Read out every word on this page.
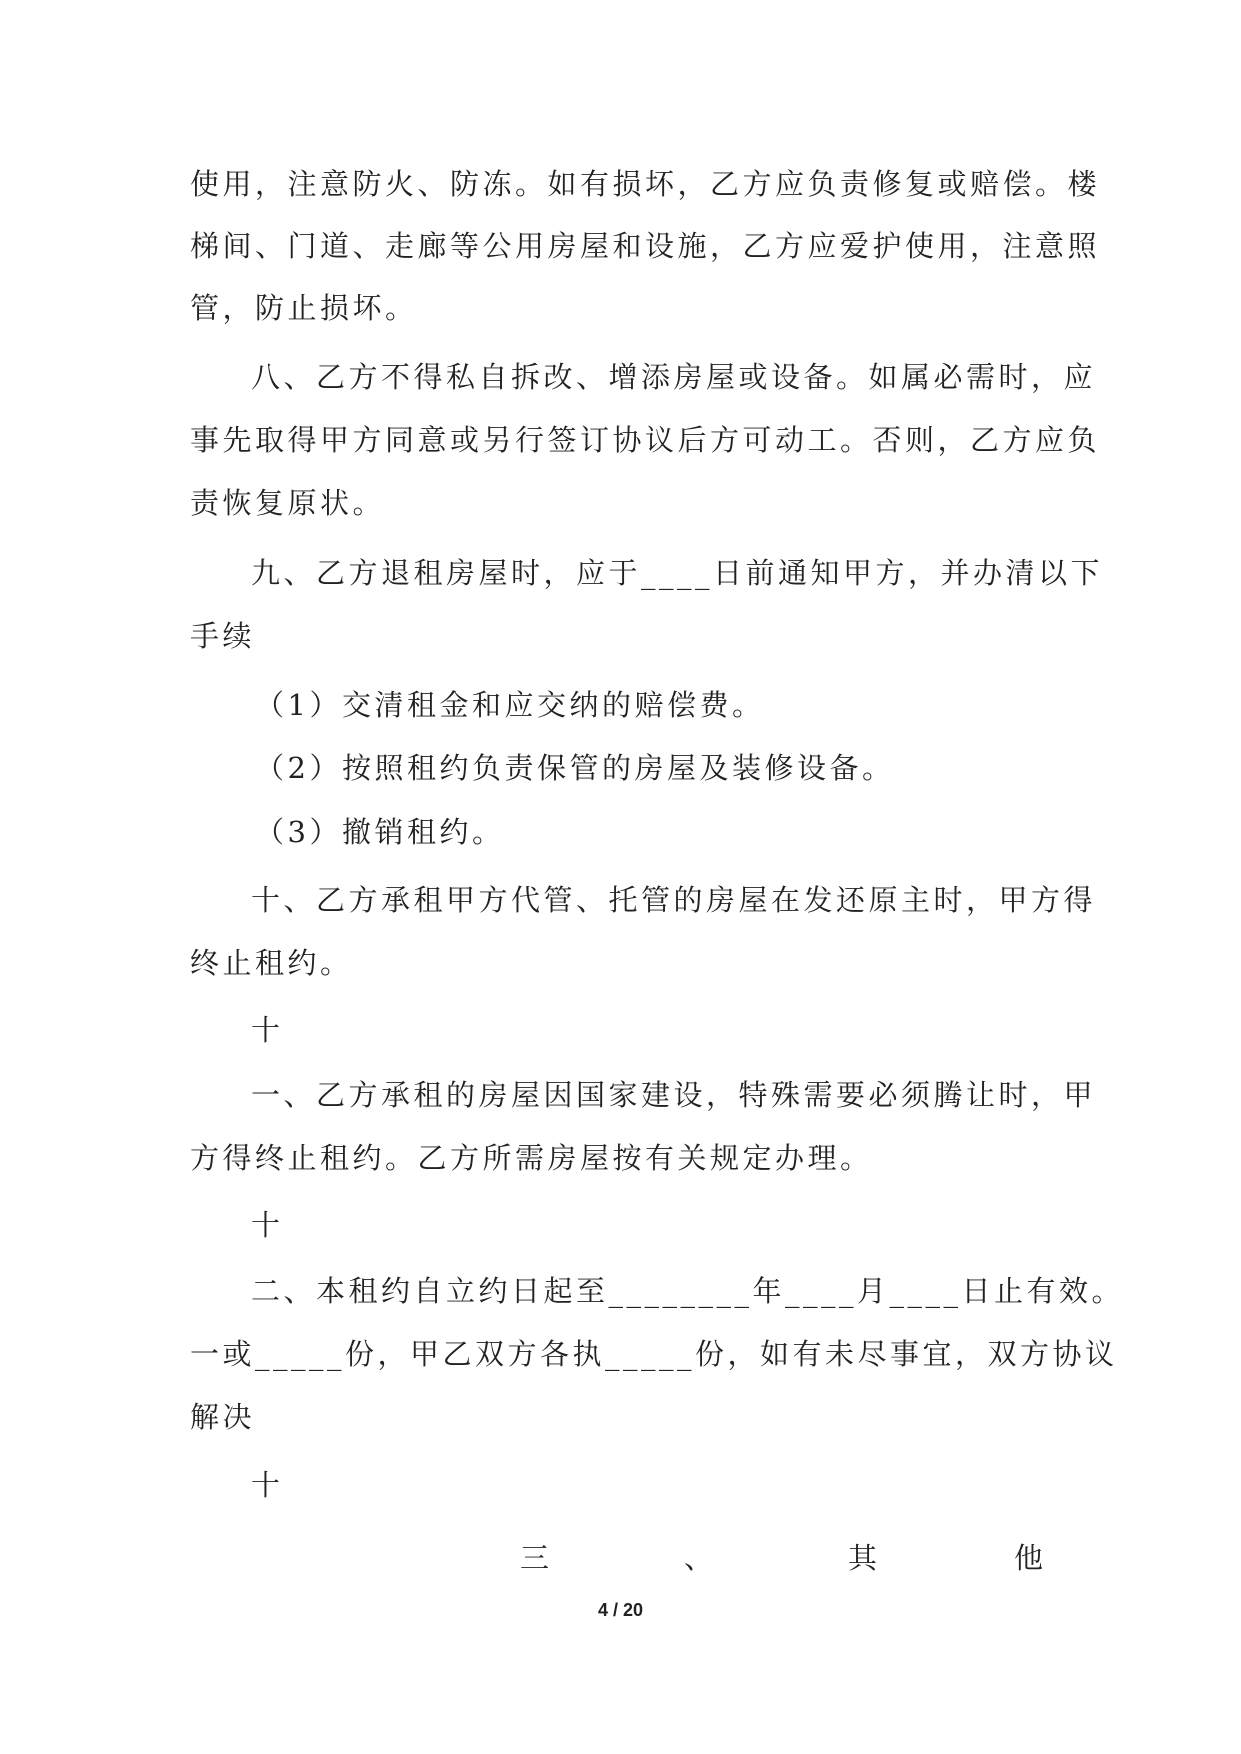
使用，注意防火、防冻。如有损坏，乙方应负责修复或赔偿。楼
梯间、门道、走廊等公用房屋和设施，乙方应爱护使用，注意照
管，防止损坏。
八、乙方不得私自拆改、增添房屋或设备。如属必需时，应
事先取得甲方同意或另行签订协议后方可动工。否则，乙方应负
责恢复原状。
九、乙方退租房屋时，应于____日前通知甲方，并办清以下
手续
（1）交清租金和应交纳的赔偿费。
（2）按照租约负责保管的房屋及装修设备。
（3）撤销租约。
十、乙方承租甲方代管、托管的房屋在发还原主时，甲方得
终止租约。
十
一、乙方承租的房屋因国家建设，特殊需要必须腾让时，甲
方得终止租约。乙方所需房屋按有关规定办理。
十
二、本租约自立约日起至________年____月____日止有效。
一或_____份，甲乙双方各执_____份，如有未尽事宜，双方协议
解决
十
三	、	其	他
4 / 20
